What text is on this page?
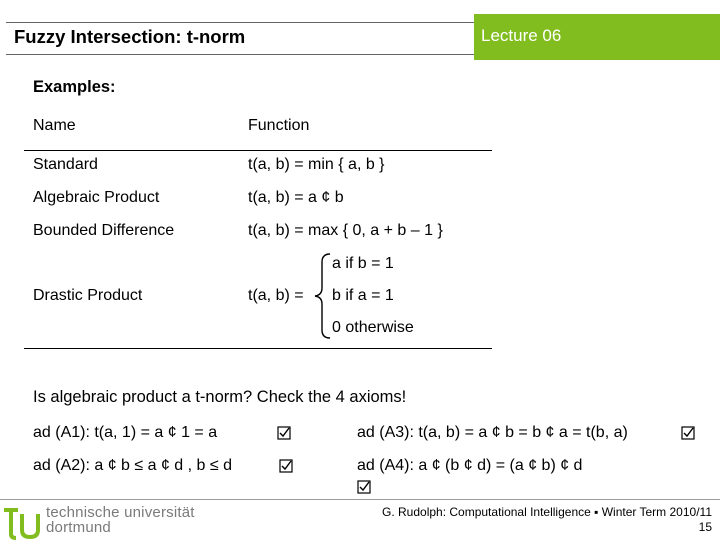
Fuzzy Intersection: t-norm	Lecture 06
Examples:
Name	Function
Standard	t(a, b) = min { a, b }
Algebraic Product	t(a, b) = a ¢ b
Bounded Difference	t(a, b) = max { 0, a + b – 1 }
Drastic Product	t(a, b) =
a if b = 1
b if a = 1
0 otherwise
Is algebraic product a t-norm? Check the 4 axioms!
ad (A1): t(a, 1) = a ¢ 1 = a	ad (A3): t(a, b) = a ¢ b = b ¢ a = t(b, a)
ad (A2): a ¢ b ≤ a ¢ d , b ≤ d	ad (A4): a ¢ (b ¢ d) = (a ¢ b) ¢ d
technische universität
dortmund
G. Rudolph: Computational Intelligence ▪ Winter Term 2010/11
15
